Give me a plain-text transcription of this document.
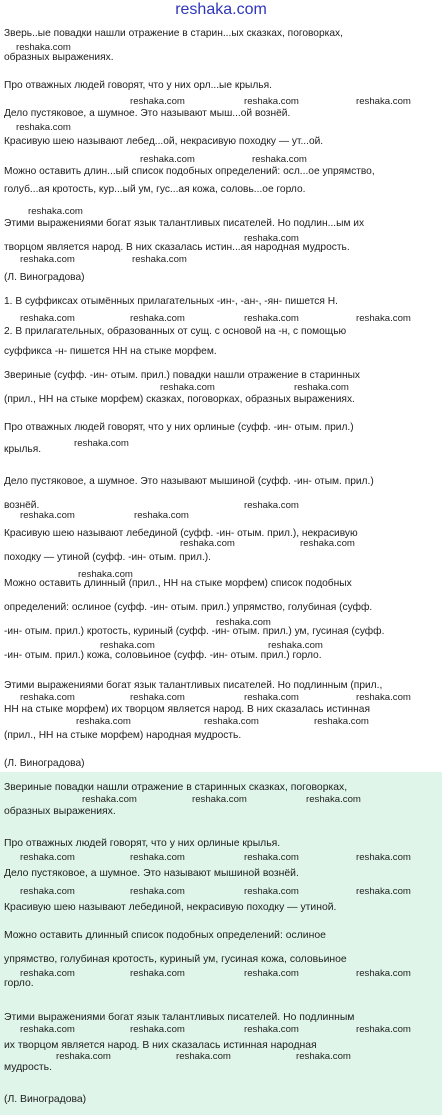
reshaka.com
Зверь..ые повадки нашли отражение в старин...ых сказках, поговорках,
образных выражениях.
Про отважных людей говорят, что у них орл...ые крылья.
Дело пустяковое, а шумное. Это называют мыш...ой вознёй.
Красивую шею называют лебед...ой, некрасивую походку — ут...ой.
Можно оставить длин...ый список подобных определений: осл...ое упрямство,
голуб...ая кротость, кур...ый ум, гус...ая кожа, соловь...ое горло.
Этими выражениями богат язык талантливых писателей. Но подлин...ым их
творцом является народ. В них сказалась истин...ая народная мудрость.
(Л. Виноградова)
1. В суффиксах отымённых прилагательных -ин-, -ан-, -ян- пишется Н.
2. В прилагательных, образованных от сущ. с основой на -н, с помощью
суффикса -н- пишется НН на стыке морфем.
Звериные (суфф. -ин- отым. прил.) повадки нашли отражение в старинных
(прил., НН на стыке морфем) сказках, поговорках, образных выражениях.
Про отважных людей говорят, что у них орлиные (суфф. -ин- отым. прил.)
крылья.
Дело пустяковое, а шумное. Это называют мышиной (суфф. -ин- отым. прил.)
вознёй.
Красивую шею называют лебединой (суфф. -ин- отым. прил.), некрасивую
походку — утиной (суфф. -ин- отым. прил.).
Можно оставить длинный (прил., НН на стыке морфем) список подобных
определений: ослиное (суфф. -ин- отым. прил.) упрямство, голубиная (суфф.
-ин- отым. прил.) кротость, куриный (суфф. -ин- отым. прил.) ум, гусиная (суфф.
-ин- отым. прил.) кожа, соловьиное (суфф. -ин- отым. прил.) горло.
Этими выражениями богат язык талантливых писателей. Но подлинным (прил.,
НН на стыке морфем) их творцом является народ. В них сказалась истинная
(прил., НН на стыке морфем) народная мудрость.
(Л. Виноградова)
reshaka.com
reshaka.com	reshaka.com	reshaka.com
reshaka.com
reshaka.com	reshaka.com
reshaka.com
reshaka.com
reshaka.com	reshaka.com
reshaka.com	reshaka.com	reshaka.com	reshaka.com
reshaka.com	reshaka.com
reshaka.com
reshaka.com
reshaka.com	reshaka.com
reshaka.com	reshaka.com
reshaka.com
reshaka.com
reshaka.com	reshaka.com
reshaka.com	reshaka.com	reshaka.com	reshaka.com
reshaka.com	reshaka.com	reshaka.com
Звериные повадки нашли отражение в старинных сказках, поговорках,
образных выражениях.
Про отважных людей говорят, что у них орлиные крылья.
Дело пустяковое, а шумное. Это называют мышиной вознёй.
Красивую шею называют лебединой, некрасивую походку — утиной.
Можно оставить длинный список подобных определений: ослиное
упрямство, голубиная кротость, куриный ум, гусиная кожа, соловьиное
горло.
Этими выражениями богат язык талантливых писателей. Но подлинным
их творцом является народ. В них сказалась истинная народная
мудрость.
(Л. Виноградова)
reshaka.com	reshaka.com	reshaka.com
reshaka.com	reshaka.com	reshaka.com	reshaka.com
reshaka.com	reshaka.com	reshaka.com	reshaka.com
reshaka.com	reshaka.com	reshaka.com	reshaka.com
reshaka.com	reshaka.com	reshaka.com	reshaka.com
reshaka.com	reshaka.com	reshaka.com
